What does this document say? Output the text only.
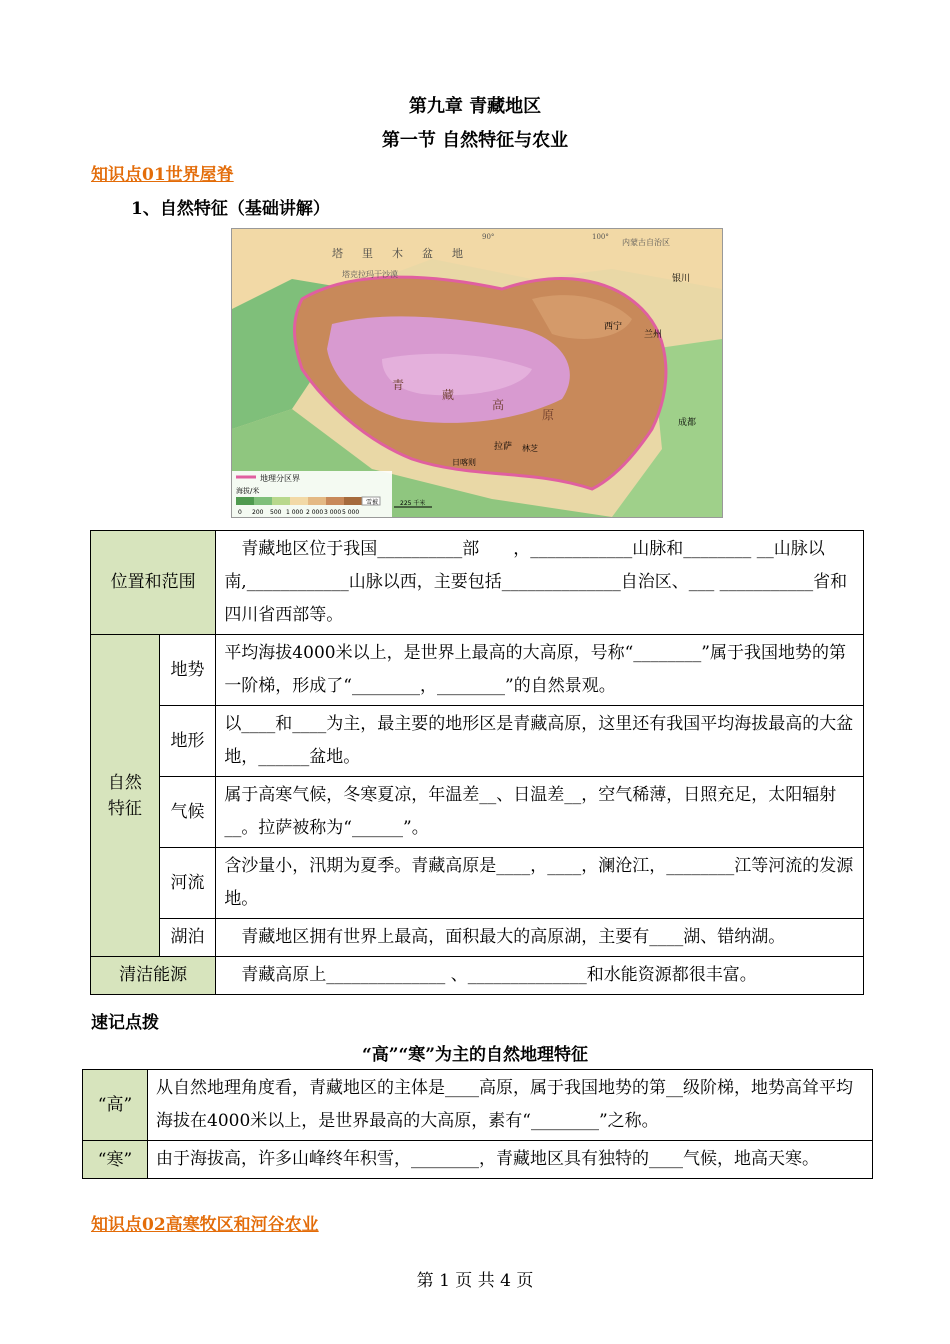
第九章 青藏地区
第一节 自然特征与农业
知识点01世界屋脊
1、自然特征（基础讲解）
地理分区界
海拔/米
雪被
0 200 500 1 000 2 000 3 000 5 000
225 千米
塔 里 木 盆 地
塔克拉玛干沙漠
内蒙古自治区
银川
西宁
兰州
成都
拉萨
日喀则
林芝
青
藏
高
原
90°	100°
位置和范围		　青藏地区位于我国__________部　　，____________山脉和________ __山脉以南,____________山脉以西，主要包括______________自治区、___ ___________省和四川省西部等。
自然特征	地势	平均海拔4000米以上，是世界上最高的大高原，号称“________”属于我国地势的第一阶梯，形成了“________，________”的自然景观。
	地形	以____和____为主，最主要的地形区是青藏高原，这里还有我国平均海拔最高的大盆地，______盆地。
	气候	属于高寒气候，冬寒夏凉，年温差__、日温差__，空气稀薄，日照充足，太阳辐射__。拉萨被称为“______”。
	河流	含沙量小，汛期为夏季。青藏高原是____，____，澜沧江，________江等河流的发源地。
	湖泊	　青藏地区拥有世界上最高，面积最大的高原湖，主要有____湖、错纳湖。
清洁能源		　青藏高原上______________ 、______________和水能资源都很丰富。
速记点拨
“高”“寒”为主的自然地理特征
“高”	从自然地理角度看，青藏地区的主体是____高原，属于我国地势的第__级阶梯，地势高耸平均海拔在4000米以上，是世界最高的大高原，素有“________”之称。
“寒”	由于海拔高，许多山峰终年积雪，________，青藏地区具有独特的____气候，地高天寒。
知识点02高寒牧区和河谷农业
第 1 页 共 4 页
